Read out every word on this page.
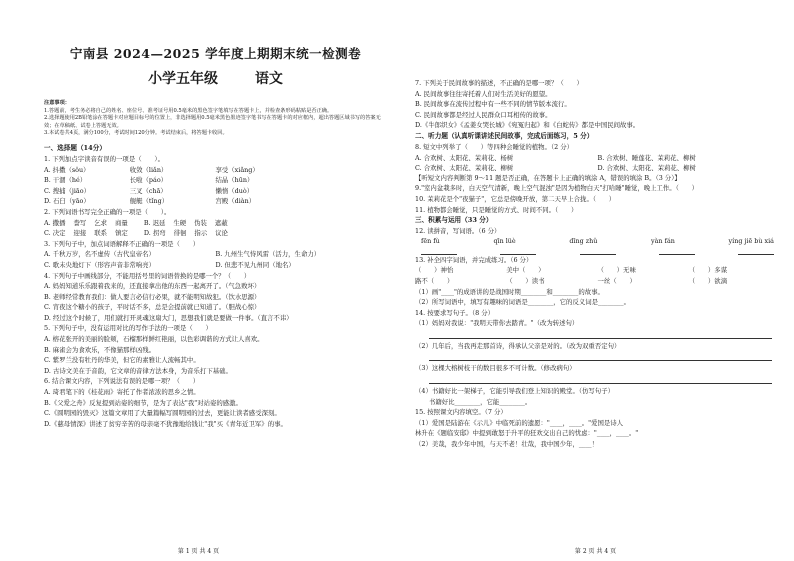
宁南县 2024—2025 学年度上期期末统一检测卷
小学五年级	语文
注意事项：
1.答题前，考生务必将自己的姓名、座位号、准考证号用0.5毫米的黑色签字笔填写在答题卡上，并检查条形码粘贴是否正确。
2.选择题使用2B铅笔涂在答题卡对应题目标号的位置上，非选择题用0.5毫米黑色墨迹签字笔书写在答题卡的对应框内，超出答题区域书写的答案无效；在草稿纸、试卷上答题无效。
3.本试卷共4页，满分100分，考试时间120分钟。考试结束后，将答题卡收回。
一、选择题（14分）
1. 下列加点字读音有误的一项是（　　）。
A. 抖擞（sǒu）	收敛（liǎn）	享受（xiǎng）
B. 干涸（hé）	长啦（páo）	结晶（hūn）
C. 搜捕（jiāo）	三叉（chā）	懒惰（duò）
D. 石臼（yāo）	舰艇（tǐng）	宫殿（diàn）
2. 下列词语书写完全正确的一项是（　　）。
A. 撒播 誊写 乞求 商量	B. 迟延 生硬 伪装 遮蔽
C. 决定 迎接 联系 镇定	D. 拐弯 徘徊 指示 议论
3. 下列句子中，加点词语解释不正确的一项是（　　）
A. 千秋万岁，名不虚传（古代皇帝名）	B. 九州生气恃风雷（活力，生命力）
C. 歌未央地灯下（形容声音非常响亮）	D. 但悲不见九州同（地名）
4. 下列句子中画线部分，不能用括号里的词语替换的是哪一个？（　　）
A. 妈妈知道乐乐跟着我来的，还直接拿出他的东西一起离开了。（气急败坏）
B. 老师经常教育我们：做人要言必信行必果，就不能明知故犯。（饮水思源）
C. 宵夜这个糖小的孩子，平时话不多，总是会提前就已知道了。（胆战心惊）
D. 经过这个时候了，用们就打开灵魂这扇大门，思想我们就是要做一件事。（直言不讳）
5. 下列句子中，没有运用对比的写作手法的一项是（　　）
A. 榕花张开的美丽的脸颊，石榴那样鲜红艳丽，以色彩调谐的方式让人喜欢。
B. 麻雀会为食欢乐，不像猫那样凶残。
C. 紫罗兰没有牡丹的华美，但它的素雅让人流畅其中。
D. 古诗文美在于音韵，它文章的音律方法本身，为音乐打下基础。
6. 结合课文内容，下列说法有误的是哪一项？（　　）
A. 琦君笔下的《桂花雨》寄托了作者浓浓的思乡之情。
B.《父爱之舟》反复提到站姿的细节，是为了表达"我"对站姿的感激。
C.《圆明园的毁灭》这篇文章用了大量篇幅写圆明园的过去，更能让读者感受深刻。
D.《慈母情深》讲述了贫穷辛苦的母亲毫不犹豫地给钱让"我"买《青年近卫军》的事。
第 1 页 共 4 页
7. 下列关于民间故事的描述，不正确的是哪一项？（　　）
A. 民间故事往往寄托着人们对生活美好的愿望。
B. 民间故事在流传过程中有一些不同的情节版本流行。
C. 民间故事都是经过人民群众口耳相传的故事。
D.《牛郎织女》《孟姜女哭长城》《宛冤归起》和《白蛇传》都是中国民间故事。
二、听力题（认真听课讲述民间故事，完成后面练习，5 分）
8. 短文中列举了（　　）等四种会睡觉的植物。（2 分）
A. 合欢树、太阳花、茉莉花、杨树	B. 合欢树、睡莲花、茉莉花、柳树
C. 合欢树、太阳花、茉莉花、柳树	D. 合欢树、太阳花、茉莉花、柳树
【听短文内容判断第 9～11 题是否正确，在答题卡上正确的填涂 A，错误的填涂 B。（3 分）】
9."室内盆栽多时，白天空气清新，晚上空气混浊"是因为植物白天"打哈睡"睡觉，晚上工作。（　　）
10. 茉莉花是个"夜猫子"，它总是傍晚开放，第二天早上合拢。（　　）
11. 植物都会睡觉，只是睡觉的方式、时间不同。（　　）
三、积累与运用（33 分）
12. 读拼音，写词语。（6 分）
fēn fù	qīn lüè	dīng zhǔ	yàn fán	yíng jiē bù xiá
13. 补全四字词语，并完成练习。（6 分）
（　　）神怡	美中（　　）	（　　）无味	（　　）多谋
路不（　　）	（　　）读书	一丝（　　）	（　　）欲滴
（1）画"____"的成语讲的是战国时期________和________的故事。
（2）所写词语中，填写有趣味的词语是________，它的反义词是________。
14. 按要求写句子。（8 分）
（1）妈妈对我说："我明天带你去踏青。"（改为转述句）
（2）几年后，当我再走那首诗，得承认父亲是对的。（改为双重否定句）
（3）这棵大榕树枝干的数目很多不可计数。（修改病句）
（4）书籍好比一架梯子，它能引导我们登上知识的殿堂。（仿写句子）
书籍好比________，它能________。
15. 按照课文内容填空。（7 分）
（1）爱国是陆游在《示儿》中临死前的遗愿："____，____。"爱国是诗人
林升在《题临安邸》中提到敢怒于升平的狂欢交出自己的忧虑："____，____。"
（2）美哉，我少年中国，与天不老！壮哉，我中国少年，____！
第 2 页 共 4 页
